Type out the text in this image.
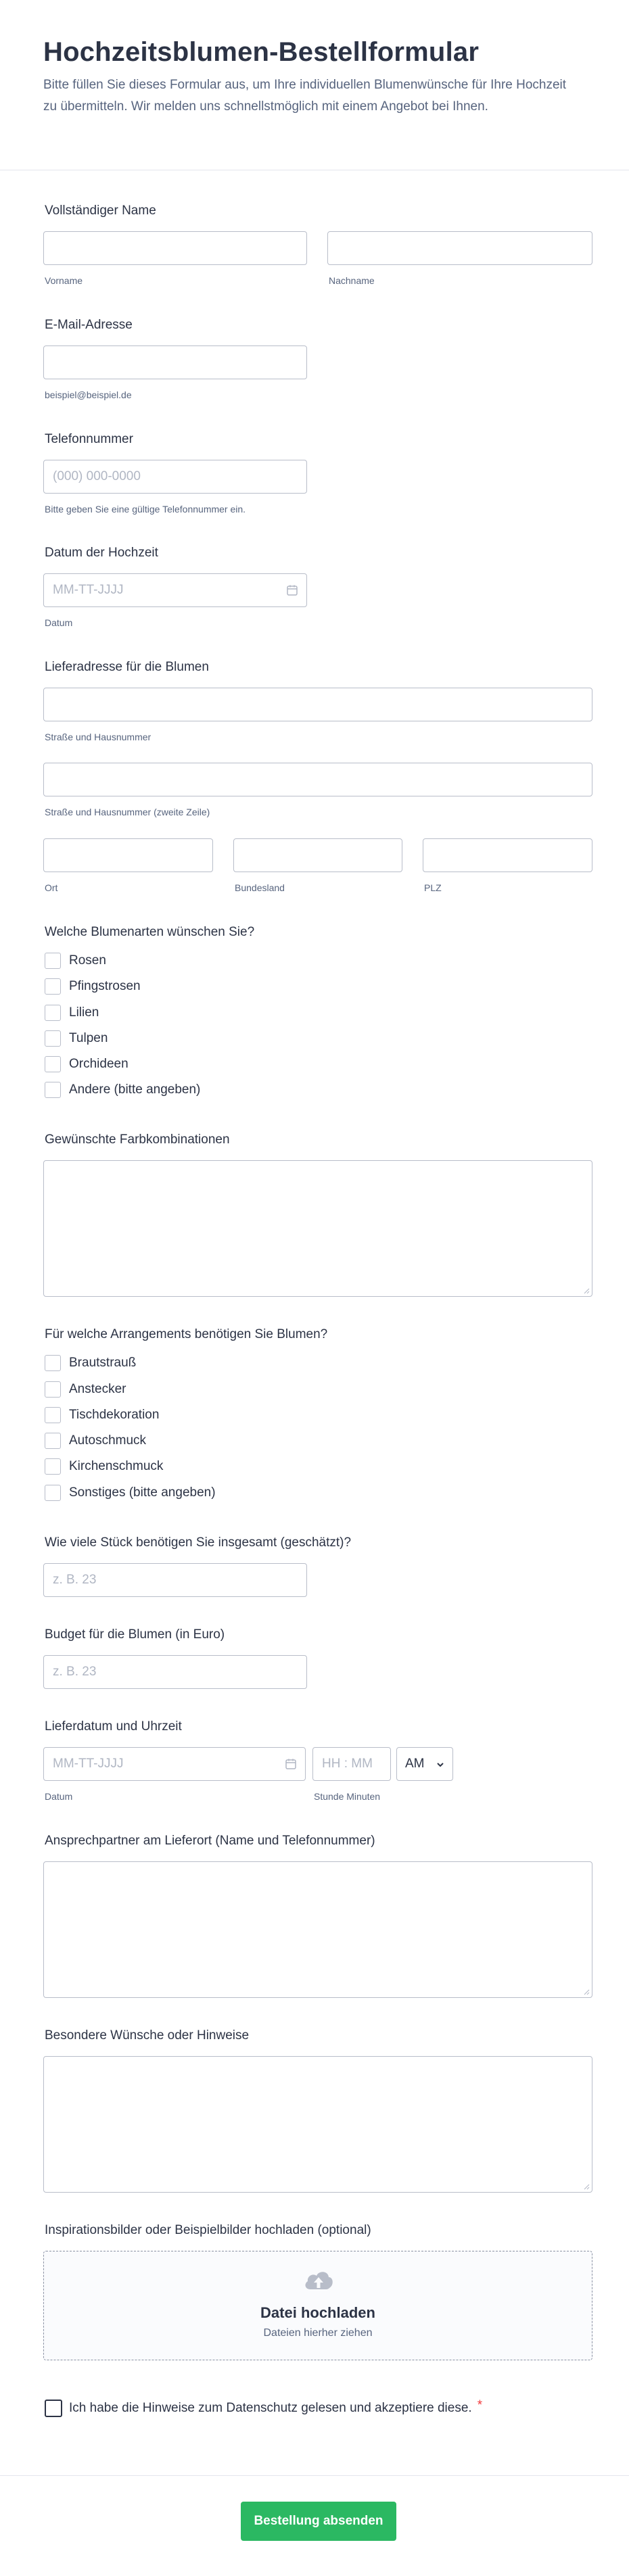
Hochzeitsblumen-Bestellformular

Bitte füllen Sie dieses Formular aus, um Ihre individuellen Blumenwünsche für Ihre Hochzeit zu übermitteln. Wir melden uns schnellstmöglich mit einem Angebot bei Ihnen.

Vollständiger Name
Vorname	Nachname
E-Mail-Adresse
beispiel@beispiel.de
Telefonnummer
(000) 000-0000
Bitte geben Sie eine gültige Telefonnummer ein.
Datum der Hochzeit
MM-TT-JJJJ
Datum
Lieferadresse für die Blumen
Straße und Hausnummer
Straße und Hausnummer (zweite Zeile)
Ort	Bundesland	PLZ
Welche Blumenarten wünschen Sie?
Rosen
Pfingstrosen
Lilien
Tulpen
Orchideen
Andere (bitte angeben)
Gewünschte Farbkombinationen
Für welche Arrangements benötigen Sie Blumen?
Brautstrauß
Anstecker
Tischdekoration
Autoschmuck
Kirchenschmuck
Sonstiges (bitte angeben)
Wie viele Stück benötigen Sie insgesamt (geschätzt)?
z. B. 23
Budget für die Blumen (in Euro)
z. B. 23
Lieferdatum und Uhrzeit
MM-TT-JJJJ	HH : MM	AM
Datum	Stunde Minuten
Ansprechpartner am Lieferort (Name und Telefonnummer)
Besondere Wünsche oder Hinweise
Inspirationsbilder oder Beispielbilder hochladen (optional)
Datei hochladen
Dateien hierher ziehen
Ich habe die Hinweise zum Datenschutz gelesen und akzeptiere diese. *
Bestellung absenden
